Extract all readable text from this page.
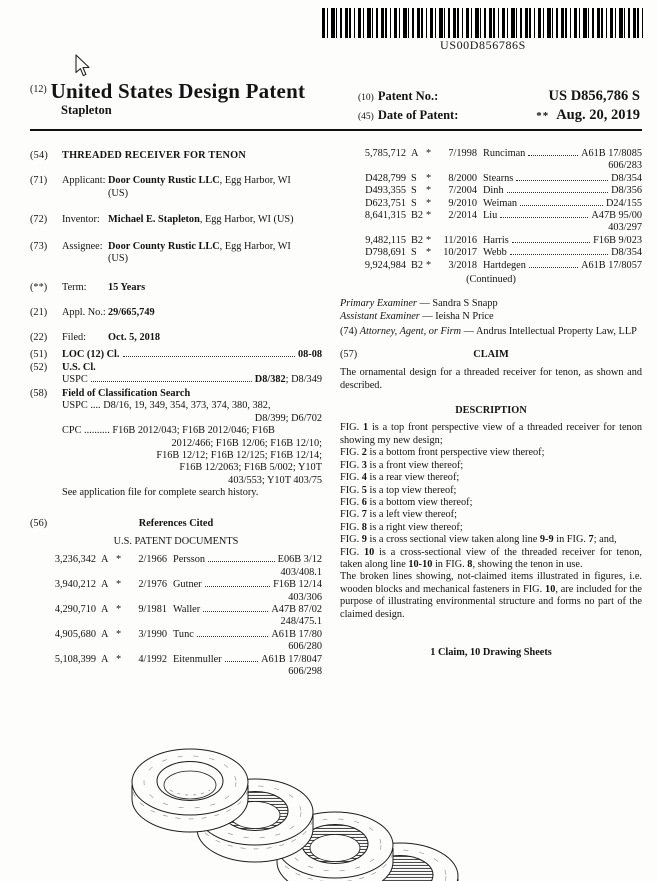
US00D856786S
(12) United States Design Patent
Stapleton
(10) Patent No.:	US D856,786 S
(45) Date of Patent:	** Aug. 20, 2019
(54)	THREADED RECEIVER FOR TENON
(71)	Applicant: Door County Rustic LLC, Egg Harbor, WI (US)
(72)	Inventor: Michael E. Stapleton, Egg Harbor, WI (US)
(73)	Assignee: Door County Rustic LLC, Egg Harbor, WI (US)
(**)	Term:	15 Years
(21)	Appl. No.: 29/665,749
(22)	Filed:	Oct. 5, 2018
(51)	LOC (12) Cl.	08-08
(52)	U.S. Cl.
USPC	D8/382; D8/349
(58)	Field of Classification Search
USPC .... D8/16, 19, 349, 354, 373, 374, 380, 382,
D8/399; D6/702
CPC .......... F16B 2012/043; F16B 2012/046; F16B
2012/466; F16B 12/06; F16B 12/10;
F16B 12/12; F16B 12/125; F16B 12/14;
F16B 12/2063; F16B 5/002; Y10T
403/553; Y10T 403/75
See application file for complete search history.
(56)	References Cited
U.S. PATENT DOCUMENTS
3,236,342 A *	2/1966 Persson	E06B 3/12
403/408.1
3,940,212 A *	2/1976 Gutner	F16B 12/14
403/306
4,290,710 A *	9/1981 Waller	A47B 87/02
248/475.1
4,905,680 A *	3/1990 Tunc	A61B 17/80
606/280
5,108,399 A *	4/1992 Eitenmuller	A61B 17/8047
606/298
5,785,712 A *	7/1998 Runciman	A61B 17/8085
606/283
D428,799 S *	8/2000 Stearns	D8/354
D493,355 S *	7/2004 Dinh	D8/356
D623,751 S *	9/2010 Weiman	D24/155
8,641,315 B2 *	2/2014 Liu	A47B 95/00
403/297
9,482,115 B2 *	11/2016 Harris	F16B 9/023
D798,691 S *	10/2017 Webb	D8/354
9,924,984 B2 *	3/2018 Hartdegen	A61B 17/8057
(Continued)
Primary Examiner — Sandra S Snapp
Assistant Examiner — Ieisha N Price
(74) Attorney, Agent, or Firm — Andrus Intellectual Property Law, LLP
(57)	CLAIM
The ornamental design for a threaded receiver for tenon, as shown and described.
DESCRIPTION
FIG. 1 is a top front perspective view of a threaded receiver for tenon showing my new design;
FIG. 2 is a bottom front perspective view thereof;
FIG. 3 is a front view thereof;
FIG. 4 is a rear view thereof;
FIG. 5 is a top view thereof;
FIG. 6 is a bottom view thereof;
FIG. 7 is a left view thereof;
FIG. 8 is a right view thereof;
FIG. 9 is a cross sectional view taken along line 9-9 in FIG. 7; and,
FIG. 10 is a cross-sectional view of the threaded receiver for tenon, taken along line 10-10 in FIG. 8, showing the tenon in use.
The broken lines showing, not-claimed items illustrated in figures, i.e. wooden blocks and mechanical fasteners in FIG. 10, are included for the purpose of illustrating environmental structure and forms no part of the claimed design.
1 Claim, 10 Drawing Sheets
